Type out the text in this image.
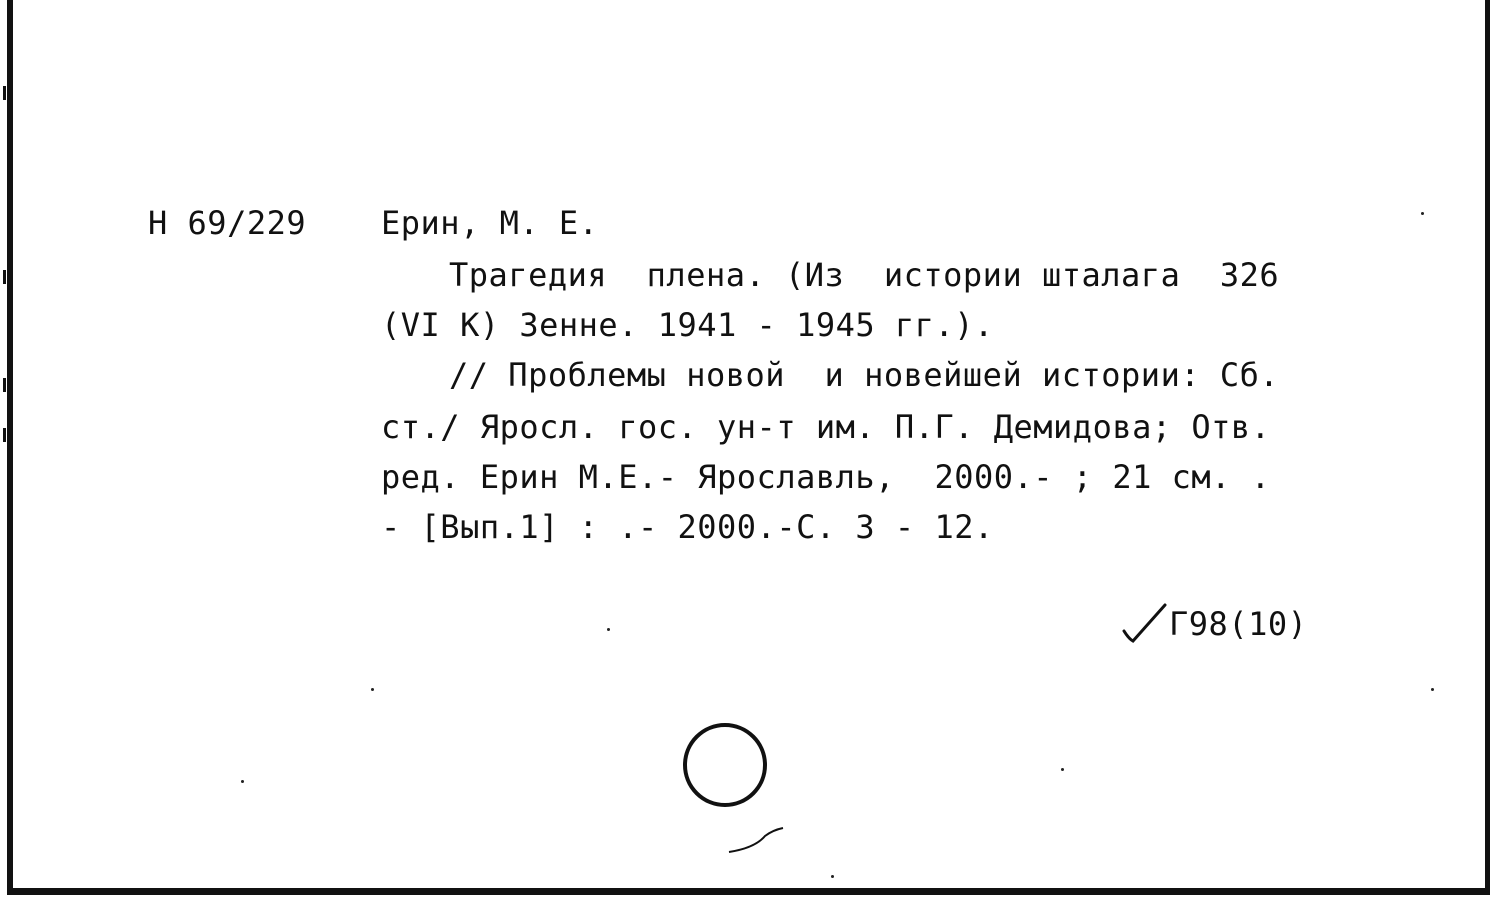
Н 69/229 Ерин, М. Е.
Трагедия  плена. (Из  истории шталага  326
(VI K) Зенне. 1941 - 1945 гг.).
// Проблемы новой  и новейшей истории: Сб.
ст./ Яросл. гос. ун-т им. П.Г. Демидова; Отв.
ред. Ерин М.Е.- Ярославль,  2000.- ; 21 см. .
- [Вып.1] : .- 2000.-С. 3 - 12.
Г98(10)
